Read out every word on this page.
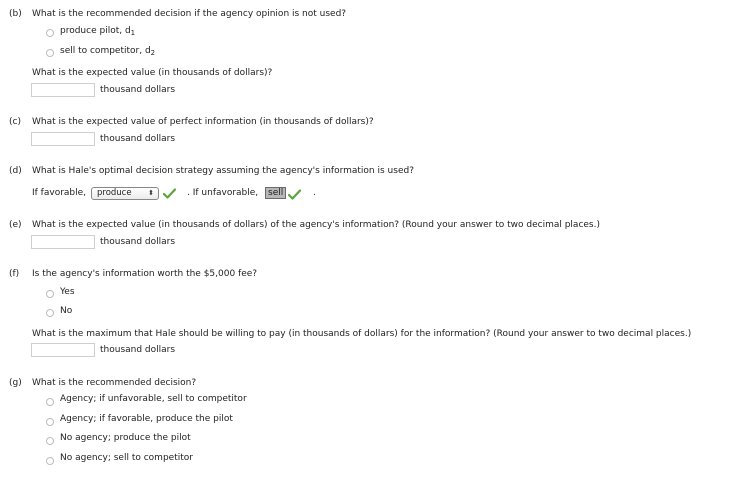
(b) What is the recommended decision if the agency opinion is not used?
produce pilot, $d_1$
sell to competitor, $d_2$
What is the expected value (in thousands of dollars)?
thousand dollars
(c) What is the expected value of perfect information (in thousands of dollars)?
thousand dollars
(d) What is Hale's optimal decision strategy assuming the agency's information is used?
If favorable,	produce ⬍	. If unfavorable,	sell	.
(e) What is the expected value (in thousands of dollars) of the agency's information? (Round your answer to two decimal places.)
thousand dollars
(f) Is the agency's information worth the $5,000 fee?
Yes
No
What is the maximum that Hale should be willing to pay (in thousands of dollars) for the information? (Round your answer to two decimal places.)
thousand dollars
(g) What is the recommended decision?
Agency; if unfavorable, sell to competitor
Agency; if favorable, produce the pilot
No agency; produce the pilot
No agency; sell to competitor
